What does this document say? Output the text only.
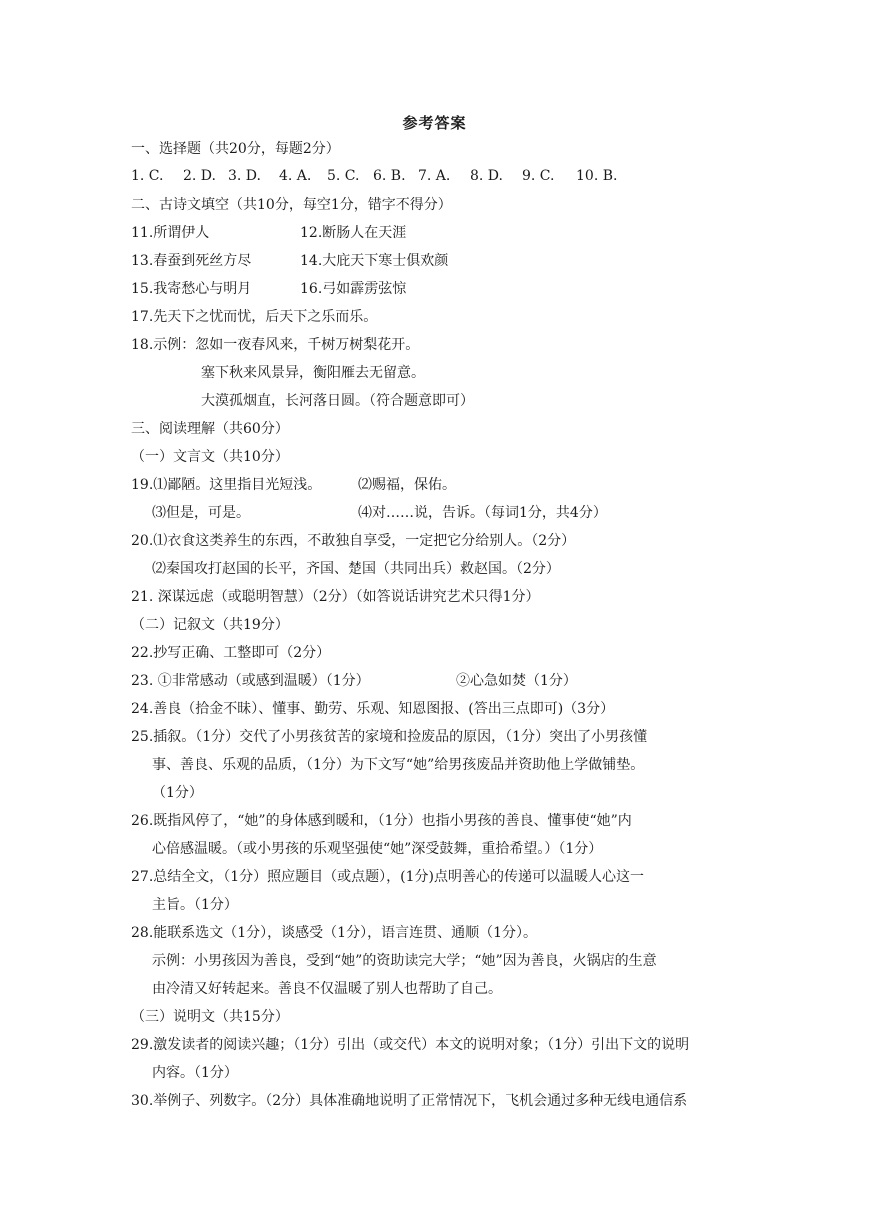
参考答案
一、选择题（共20分，每题2分）
1. C. 2. D. 3. D. 4. A. 5. C. 6. B. 7. A. 8. D. 9. C. 10. B.
二、古诗文填空（共10分，每空1分，错字不得分）
11.所谓伊人	12.断肠人在天涯
13.春蚕到死丝方尽	14.大庇天下寒士俱欢颜
15.我寄愁心与明月	16.弓如霹雳弦惊
17.先天下之忧而忧，后天下之乐而乐。
18.示例：忽如一夜春风来，千树万树梨花开。
塞下秋来风景异，衡阳雁去无留意。
大漠孤烟直，长河落日圆。（符合题意即可）
三、阅读理解（共60分）
（一）文言文（共10分）
19.⑴鄙陋。这里指目光短浅。	⑵赐福，保佑。
⑶但是，可是。	⑷对……说，告诉。（每词1分，共4分）
20.⑴衣食这类养生的东西，不敢独自享受，一定把它分给别人。（2分）
⑵秦国攻打赵国的长平，齐国、楚国（共同出兵）救赵国。（2分）
21. 深谋远虑（或聪明智慧）（2分）（如答说话讲究艺术只得1分）
（二）记叙文（共19分）
22.抄写正确、工整即可（2分）
23. ①非常感动（或感到温暖）（1分）	②心急如焚（1分）
24.善良（拾金不昧）、懂事、勤劳、乐观、知恩图报、(答出三点即可)（3分）
25.插叙。（1分）交代了小男孩贫苦的家境和捡废品的原因，（1分）突出了小男孩懂
事、善良、乐观的品质，（1分）为下文写“她”给男孩废品并资助他上学做铺垫。
（1分）
26.既指风停了，“她”的身体感到暖和，（1分）也指小男孩的善良、懂事使“她”内
心倍感温暖。（或小男孩的乐观坚强使“她”深受鼓舞，重拾希望。）（1分）
27.总结全文，（1分）照应题目（或点题），(1分)点明善心的传递可以温暖人心这一
主旨。（1分）
28.能联系选文（1分），谈感受（1分），语言连贯、通顺（1分）。
示例：小男孩因为善良，受到“她”的资助读完大学；“她”因为善良，火锅店的生意
由冷清又好转起来。善良不仅温暖了别人也帮助了自己。
（三）说明文（共15分）
29.激发读者的阅读兴趣；（1分）引出（或交代）本文的说明对象；（1分）引出下文的说明
内容。（1分）
30.举例子、列数字。（2分）具体准确地说明了正常情况下，飞机会通过多种无线电通信系
